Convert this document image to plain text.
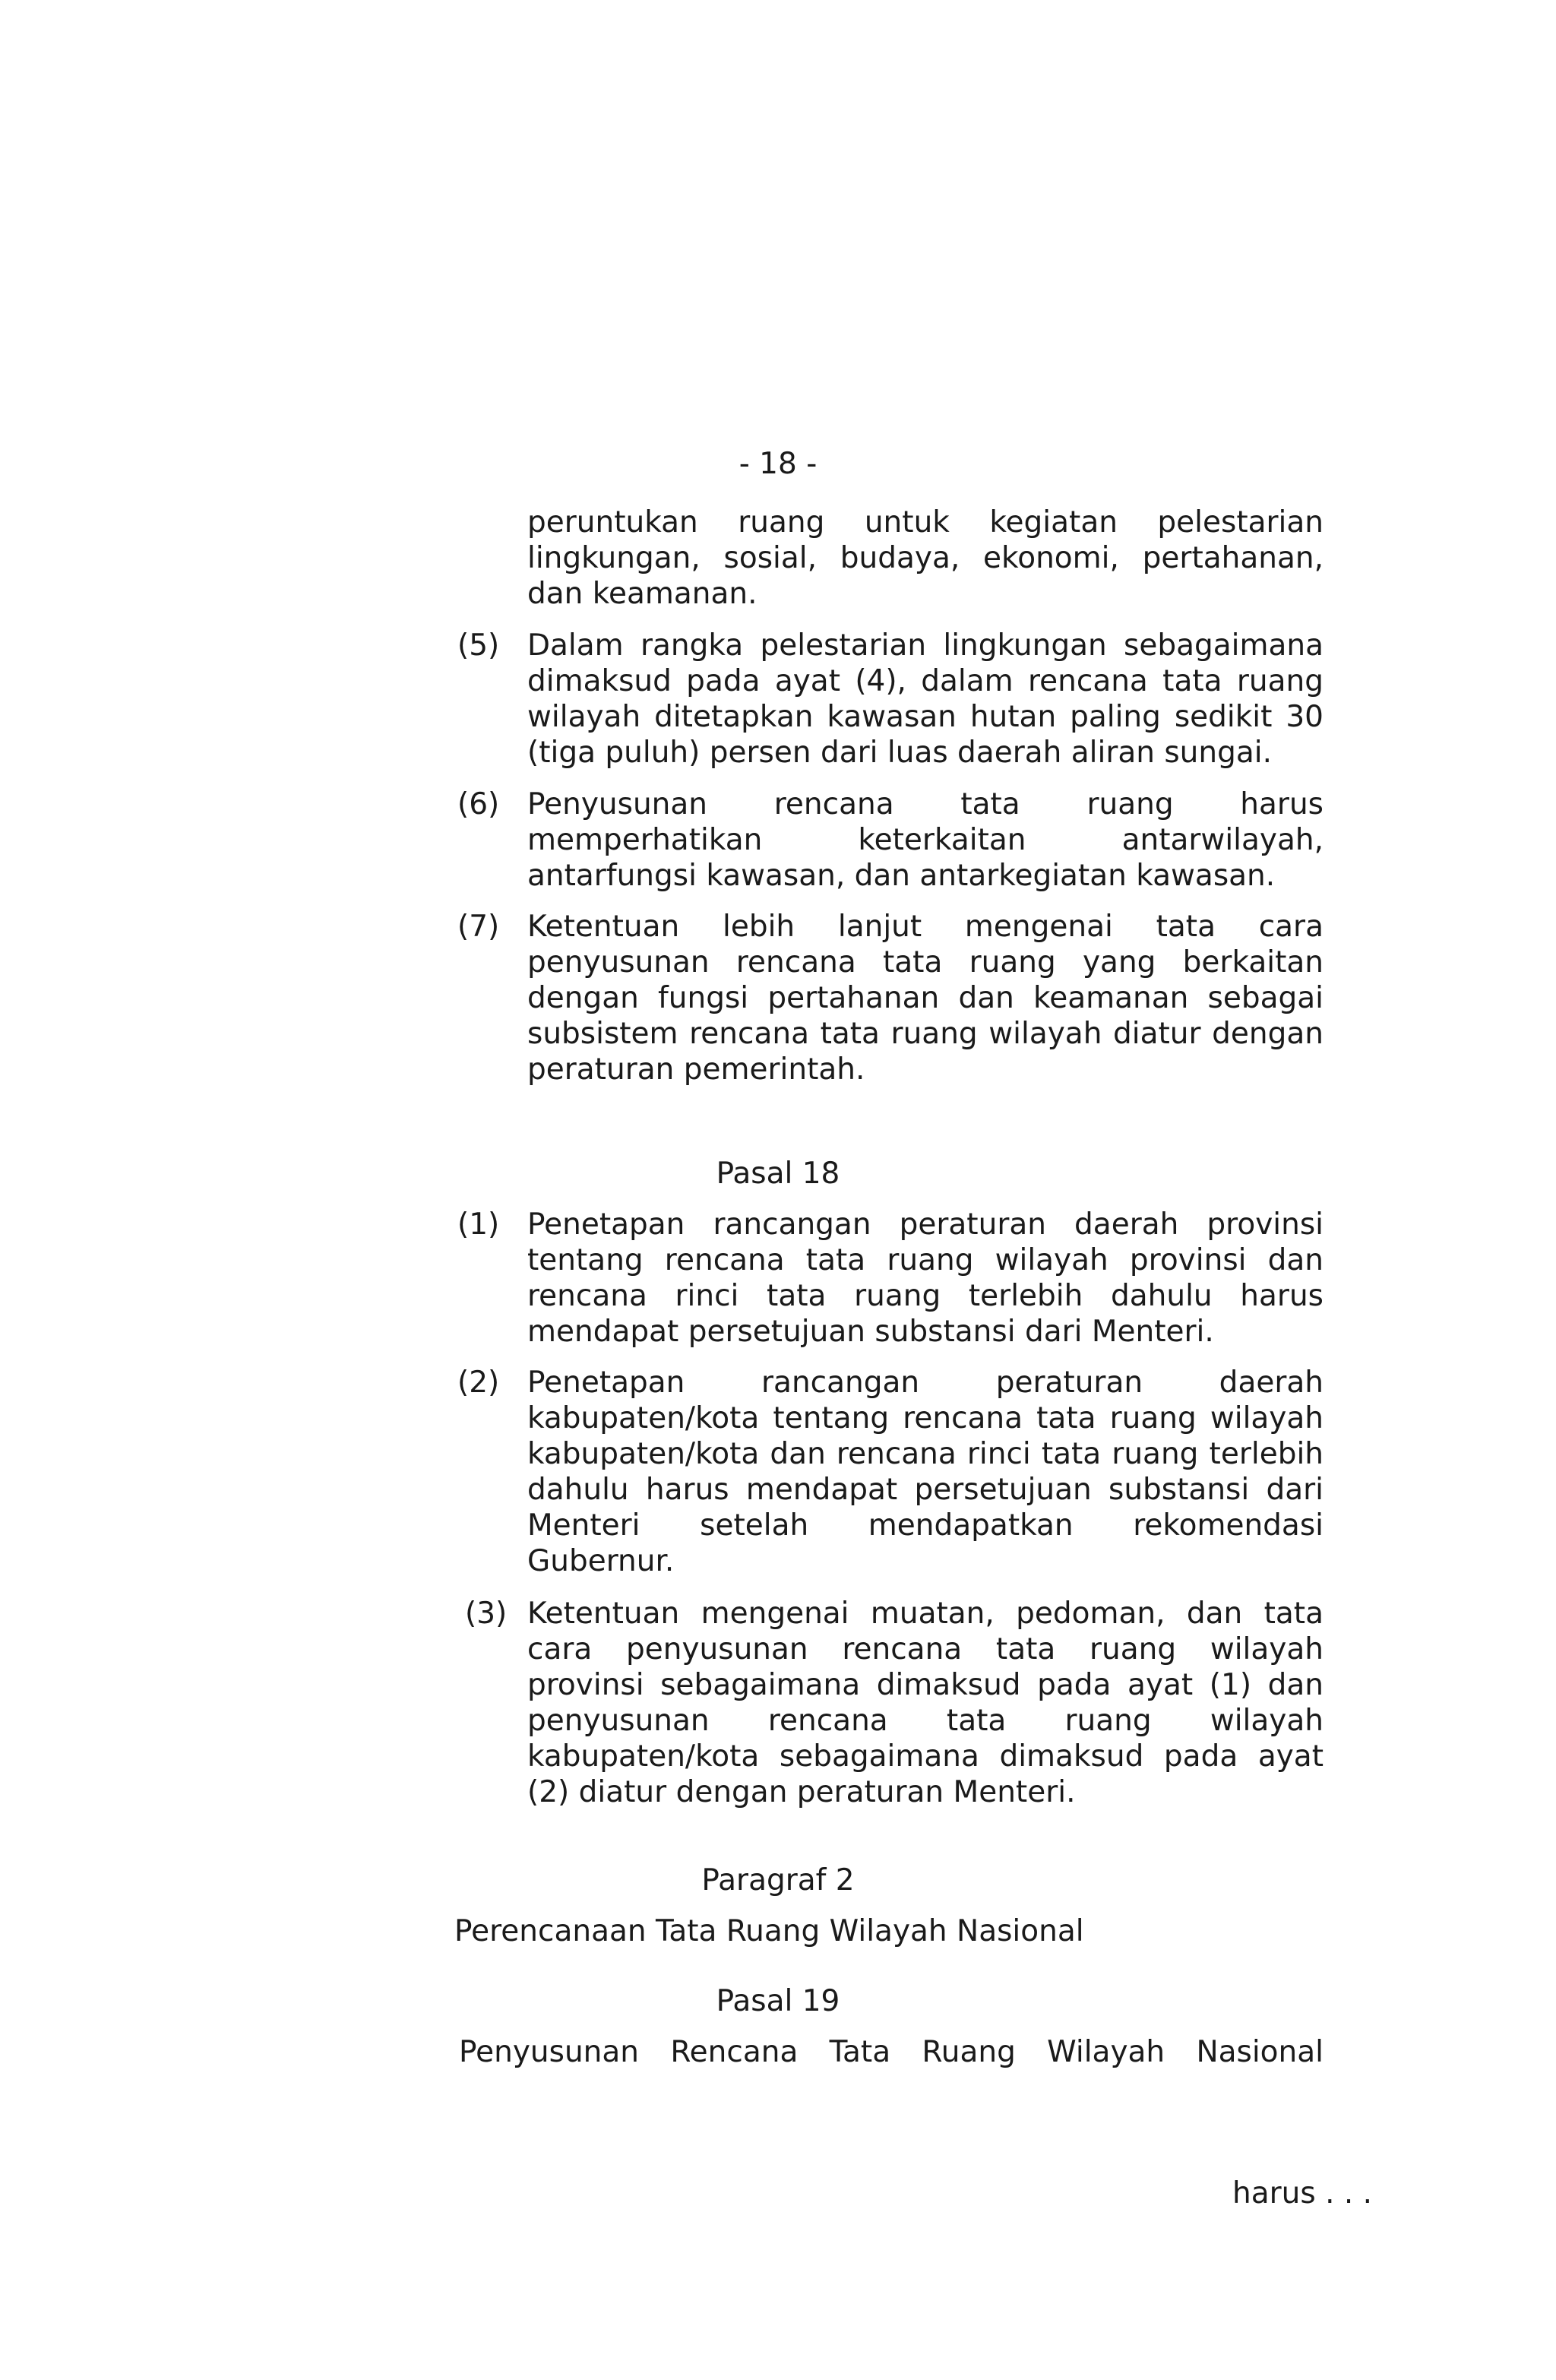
- 18 -
peruntukan ruang untuk kegiatan pelestarian lingkungan, sosial, budaya, ekonomi, pertahanan, dan keamanan.
(5) Dalam rangka pelestarian lingkungan sebagaimana dimaksud pada ayat (4), dalam rencana tata ruang wilayah ditetapkan kawasan hutan paling sedikit 30 (tiga puluh) persen dari luas daerah aliran sungai.
(6) Penyusunan rencana tata ruang harus memperhatikan keterkaitan antarwilayah, antarfungsi kawasan, dan antarkegiatan kawasan.
(7) Ketentuan lebih lanjut mengenai tata cara penyusunan rencana tata ruang yang berkaitan dengan fungsi pertahanan dan keamanan sebagai subsistem rencana tata ruang wilayah diatur dengan peraturan pemerintah.
Pasal 18
(1) Penetapan rancangan peraturan daerah provinsi tentang rencana tata ruang wilayah provinsi dan rencana rinci tata ruang terlebih dahulu harus mendapat persetujuan substansi dari Menteri.
(2) Penetapan rancangan peraturan daerah kabupaten/kota tentang rencana tata ruang wilayah kabupaten/kota dan rencana rinci tata ruang terlebih dahulu harus mendapat persetujuan substansi dari Menteri setelah mendapatkan rekomendasi Gubernur.
(3) Ketentuan mengenai muatan, pedoman, dan tata cara penyusunan rencana tata ruang wilayah provinsi sebagaimana dimaksud pada ayat (1) dan penyusunan rencana tata ruang wilayah kabupaten/kota sebagaimana dimaksud pada ayat (2) diatur dengan peraturan Menteri.
Paragraf 2
Perencanaan Tata Ruang Wilayah Nasional
Pasal 19
Penyusunan Rencana Tata Ruang Wilayah Nasional
harus . . .
